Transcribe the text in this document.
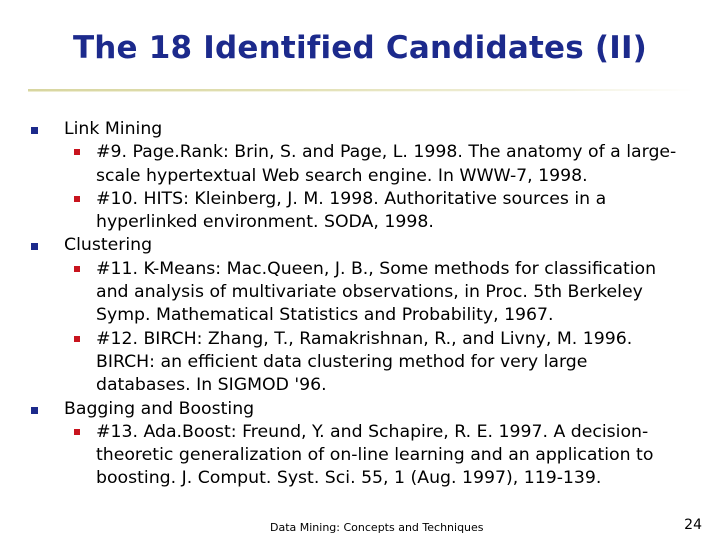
The 18 Identified Candidates (II)
Link Mining
#9. Page.Rank: Brin, S. and Page, L. 1998. The anatomy of a large-scale hypertextual Web search engine. In WWW-7, 1998.
#10. HITS: Kleinberg, J. M. 1998. Authoritative sources in a hyperlinked environment. SODA, 1998.
Clustering
#11. K-Means: Mac.Queen, J. B., Some methods for classification and analysis of multivariate observations, in Proc. 5th Berkeley Symp. Mathematical Statistics and Probability, 1967.
#12. BIRCH: Zhang, T., Ramakrishnan, R., and Livny, M. 1996. BIRCH: an efficient data clustering method for very large databases. In SIGMOD '96.
Bagging and Boosting
#13. Ada.Boost: Freund, Y. and Schapire, R. E. 1997. A decision-theoretic generalization of on-line learning and an application to boosting. J. Comput. Syst. Sci. 55, 1 (Aug. 1997), 119-139.
Data Mining: Concepts and Techniques	24
